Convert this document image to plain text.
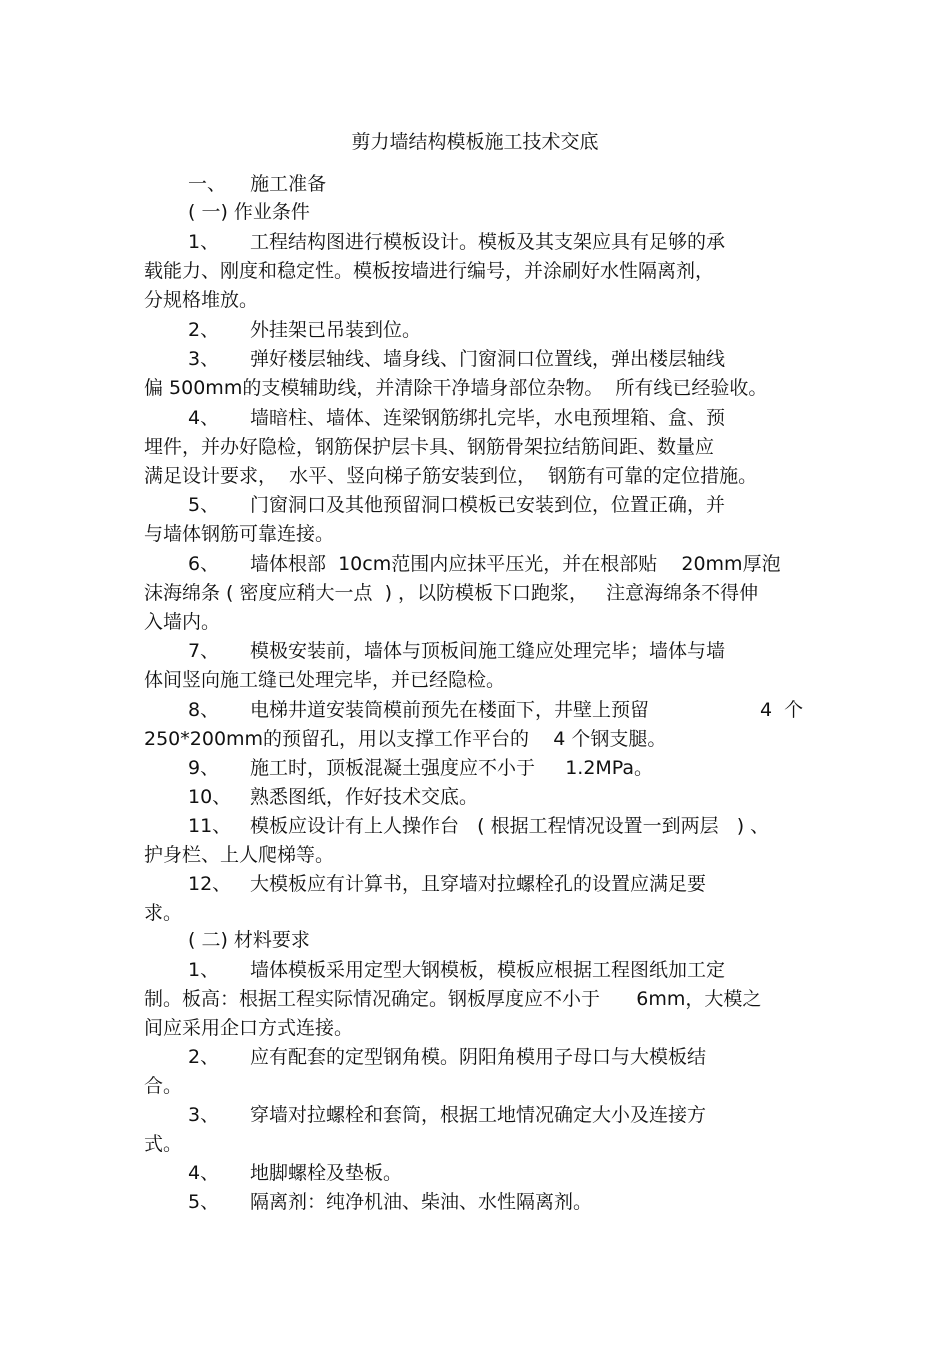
剪力墙结构模板施工技术交底
一、    施工准备
( 一) 作业条件
1、 工程结构图进行模板设计。模板及其支架应具有足够的承
载能力、刚度和稳定性。模板按墙进行编号，并涂刷好水性隔离剂，
分规格堆放。
2、 外挂架已吊装到位。
3、 弹好楼层轴线、墙身线、门窗洞口位置线，弹出楼层轴线
偏 500mm的支模辅助线，并清除干净墙身部位杂物。  所有线已经验收。
4、 墙暗柱、墙体、连梁钢筋绑扎完毕，水电预埋箱、盒、预
埋件，并办好隐检，钢筋保护层卡具、钢筋骨架拉结筋间距、数量应
满足设计要求，  水平、竖向梯子筋安装到位，  钢筋有可靠的定位措施。
5、 门窗洞口及其他预留洞口模板已安装到位，位置正确，并
与墙体钢筋可靠连接。
6、 墙体根部  10cm范围内应抹平压光，并在根部贴    20mm厚泡
沫海绵条 ( 密度应稍大一点  ) ，以防模板下口跑浆，   注意海绵条不得伸
入墙内。
7、 模极安装前，墙体与顶板间施工缝应处理完毕；墙体与墙
体间竖向施工缝已处理完毕，并已经隐检。
8、 电梯井道安装筒模前预先在楼面下，井壁上预留	4  个
250*200mm的预留孔，用以支撑工作平台的    4 个钢支腿。
9、 施工时，顶板混凝土强度应不小于     1.2MPa。
10、 熟悉图纸，作好技术交底。
11、 模板应设计有上人操作台   ( 根据工程情况设置一到两层   ) 、
护身栏、上人爬梯等。
12、 大模板应有计算书，且穿墙对拉螺栓孔的设置应满足要
求。
( 二) 材料要求
1、 墙体模板采用定型大钢模板，模板应根据工程图纸加工定
制。板高：根据工程实际情况确定。钢板厚度应不小于      6mm，大模之
间应采用企口方式连接。
2、 应有配套的定型钢角模。阴阳角模用子母口与大模板结
合。
3、 穿墙对拉螺栓和套筒，根据工地情况确定大小及连接方
式。
4、 地脚螺栓及垫板。
5、 隔离剂：纯净机油、柴油、水性隔离剂。
